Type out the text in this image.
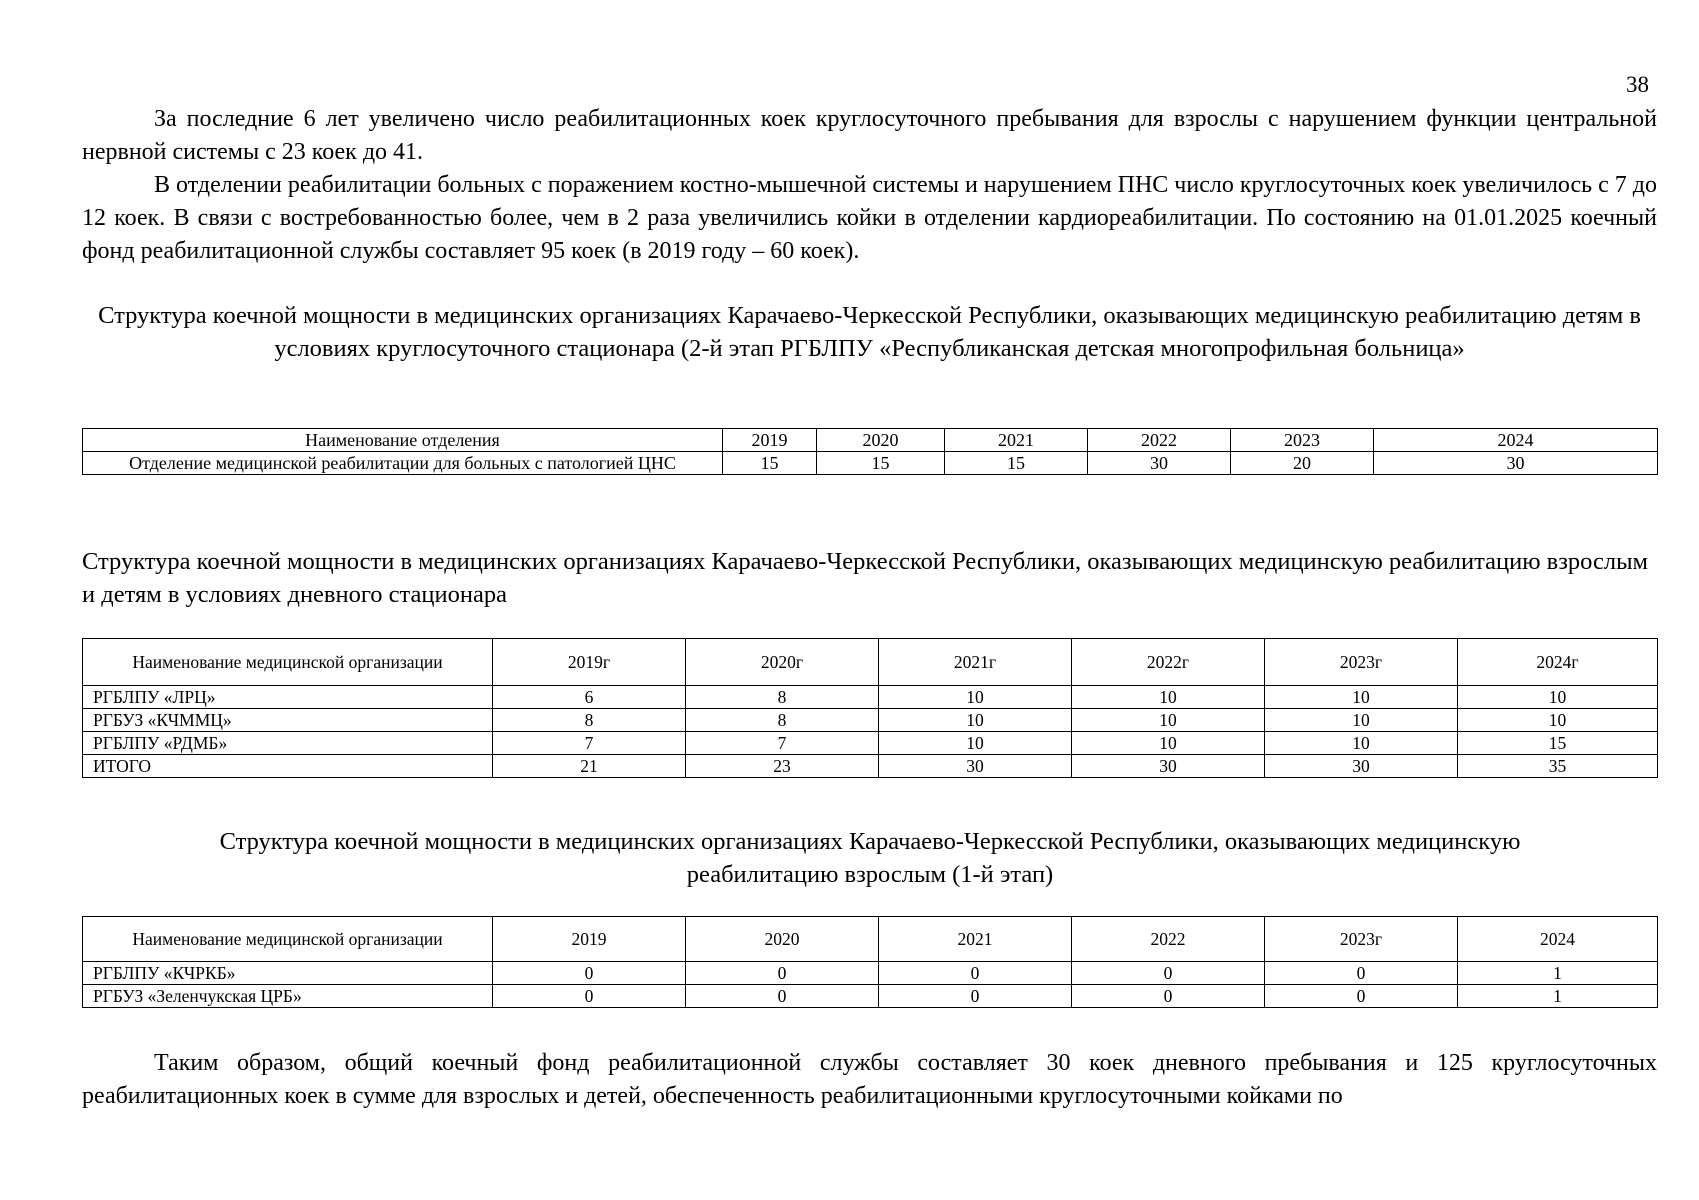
38

За последние 6 лет увеличено число реабилитационных коек круглосуточного пребывания для взрослы с нарушением функции центральной нервной системы с 23 коек до 41.

В отделении реабилитации больных с поражением костно-мышечной системы и нарушением ПНС число круглосуточных коек увеличилось с 7 до 12 коек. В связи с востребованностью более, чем в 2 раза увеличились койки в отделении кардиореабилитации. По состоянию на 01.01.2025 коечный фонд реабилитационной службы составляет 95 коек (в 2019 году – 60 коек).

Структура коечной мощности в медицинских организациях Карачаево-Черкесской Республики, оказывающих медицинскую реабилитацию детям в условиях круглосуточного стационара (2-й этап РГБЛПУ «Республиканская детская многопрофильная больница»

Наименование отделения	2019	2020	2021	2022	2023	2024
Отделение медицинской реабилитации для больных с патологией ЦНС	15	15	15	30	20	30

Структура коечной мощности в медицинских организациях Карачаево-Черкесской Республики, оказывающих медицинскую реабилитацию взрослым и детям в условиях дневного стационара

Наименование медицинской организации	2019г	2020г	2021г	2022г	2023г	2024г
РГБЛПУ «ЛРЦ»	6	8	10	10	10	10
РГБУЗ «КЧММЦ»	8	8	10	10	10	10
РГБЛПУ «РДМБ»	7	7	10	10	10	15
ИТОГО	21	23	30	30	30	35

Структура коечной мощности в медицинских организациях Карачаево-Черкесской Республики, оказывающих медицинскую реабилитацию взрослым (1-й этап)

Наименование медицинской организации	2019	2020	2021	2022	2023г	2024
РГБЛПУ «КЧРКБ»	0	0	0	0	0	1
РГБУЗ «Зеленчукская ЦРБ»	0	0	0	0	0	1

Таким образом, общий коечный фонд реабилитационной службы составляет 30 коек дневного пребывания и 125 круглосуточных реабилитационных коек в сумме для взрослых и детей, обеспеченность реабилитационными круглосуточными койками по
